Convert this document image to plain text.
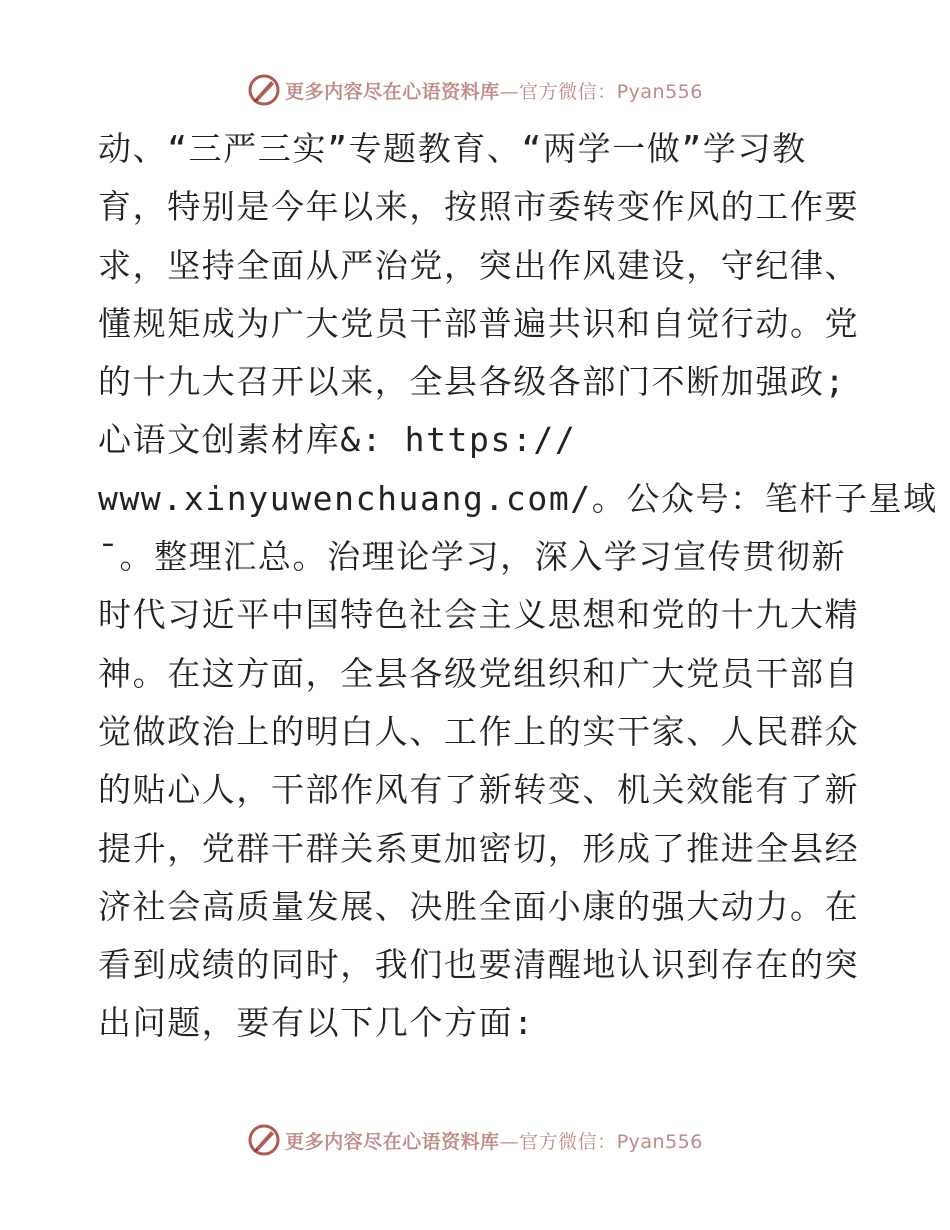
更多内容尽在心语资料库—官方微信：Pyan556
动、“三严三实”专题教育、“两学一做”学习教
育，特别是今年以来，按照市委转变作风的工作要
求，坚持全面从严治党，突出作风建设，守纪律、
懂规矩成为广大党员干部普遍共识和自觉行动。党
的十九大召开以来，全县各级各部门不断加强政;
心语文创素材库&: https://
www.xinyuwenchuang.com/。公众号：笔杆子星域
¯。整理汇总。治理论学习，深入学习宣传贯彻新
时代习近平中国特色社会主义思想和党的十九大精
神。在这方面，全县各级党组织和广大党员干部自
觉做政治上的明白人、工作上的实干家、人民群众
的贴心人，干部作风有了新转变、机关效能有了新
提升，党群干群关系更加密切，形成了推进全县经
济社会高质量发展、决胜全面小康的强大动力。在
看到成绩的同时，我们也要清醒地认识到存在的突
出问题，要有以下几个方面:
更多内容尽在心语资料库—官方微信：Pyan556
